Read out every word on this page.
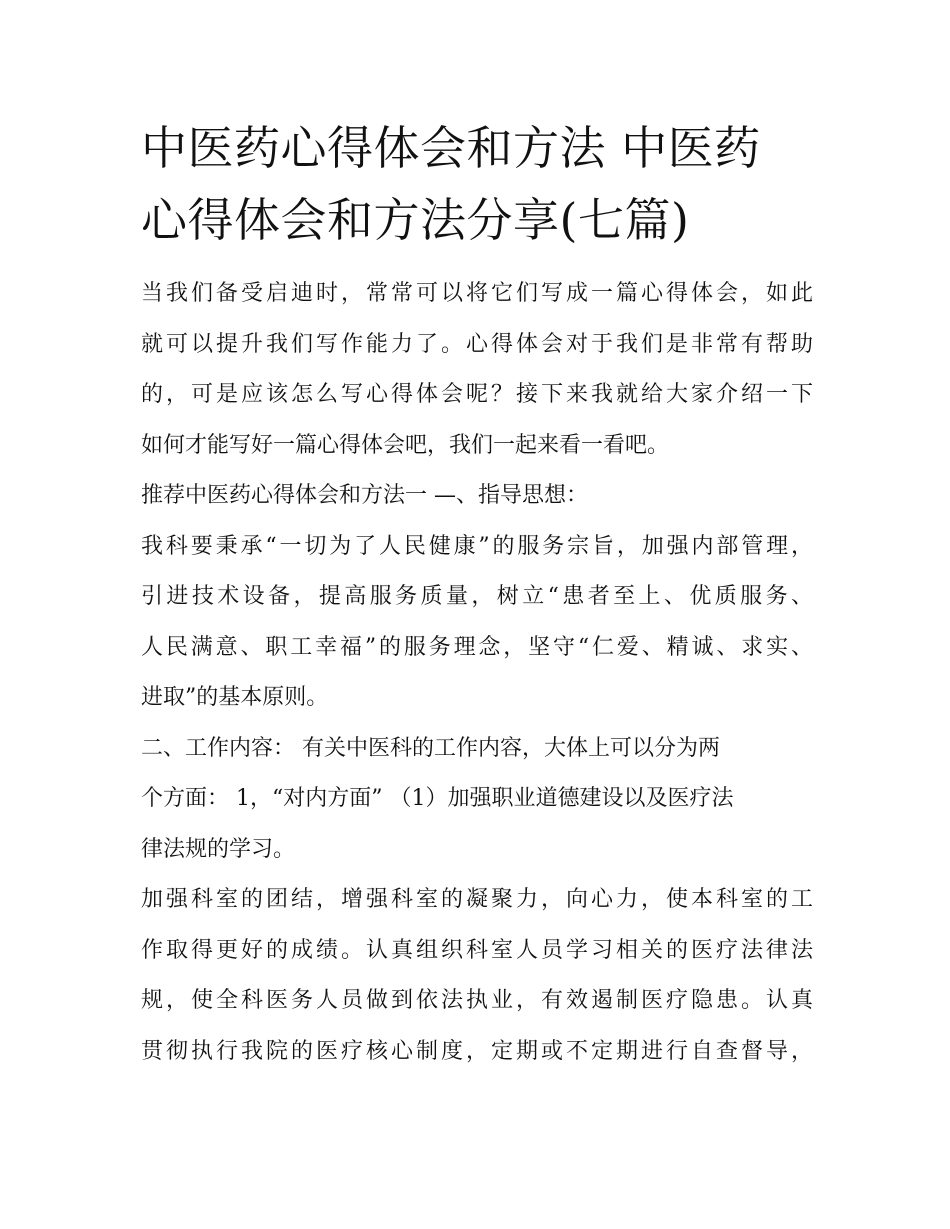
中医药心得体会和方法 中医药
心得体会和方法分享(七篇)
当我们备受启迪时，常常可以将它们写成一篇心得体会，如此
就可以提升我们写作能力了。心得体会对于我们是非常有帮助
的，可是应该怎么写心得体会呢？接下来我就给大家介绍一下
如何才能写好一篇心得体会吧，我们一起来看一看吧。
推荐中医药心得体会和方法一 —、指导思想：
我科要秉承“一切为了人民健康”的服务宗旨，加强内部管理，
引进技术设备，提高服务质量，树立“患者至上、优质服务、
人民满意、职工幸福”的服务理念，坚守“仁爱、精诚、求实、
进取”的基本原则。
二、工作内容： 有关中医科的工作内容，大体上可以分为两
个方面： 1，“对内方面” （1）加强职业道德建设以及医疗法
律法规的学习。
加强科室的团结，增强科室的凝聚力，向心力，使本科室的工
作取得更好的成绩。认真组织科室人员学习相关的医疗法律法
规，使全科医务人员做到依法执业，有效遏制医疗隐患。认真
贯彻执行我院的医疗核心制度，定期或不定期进行自查督导，
